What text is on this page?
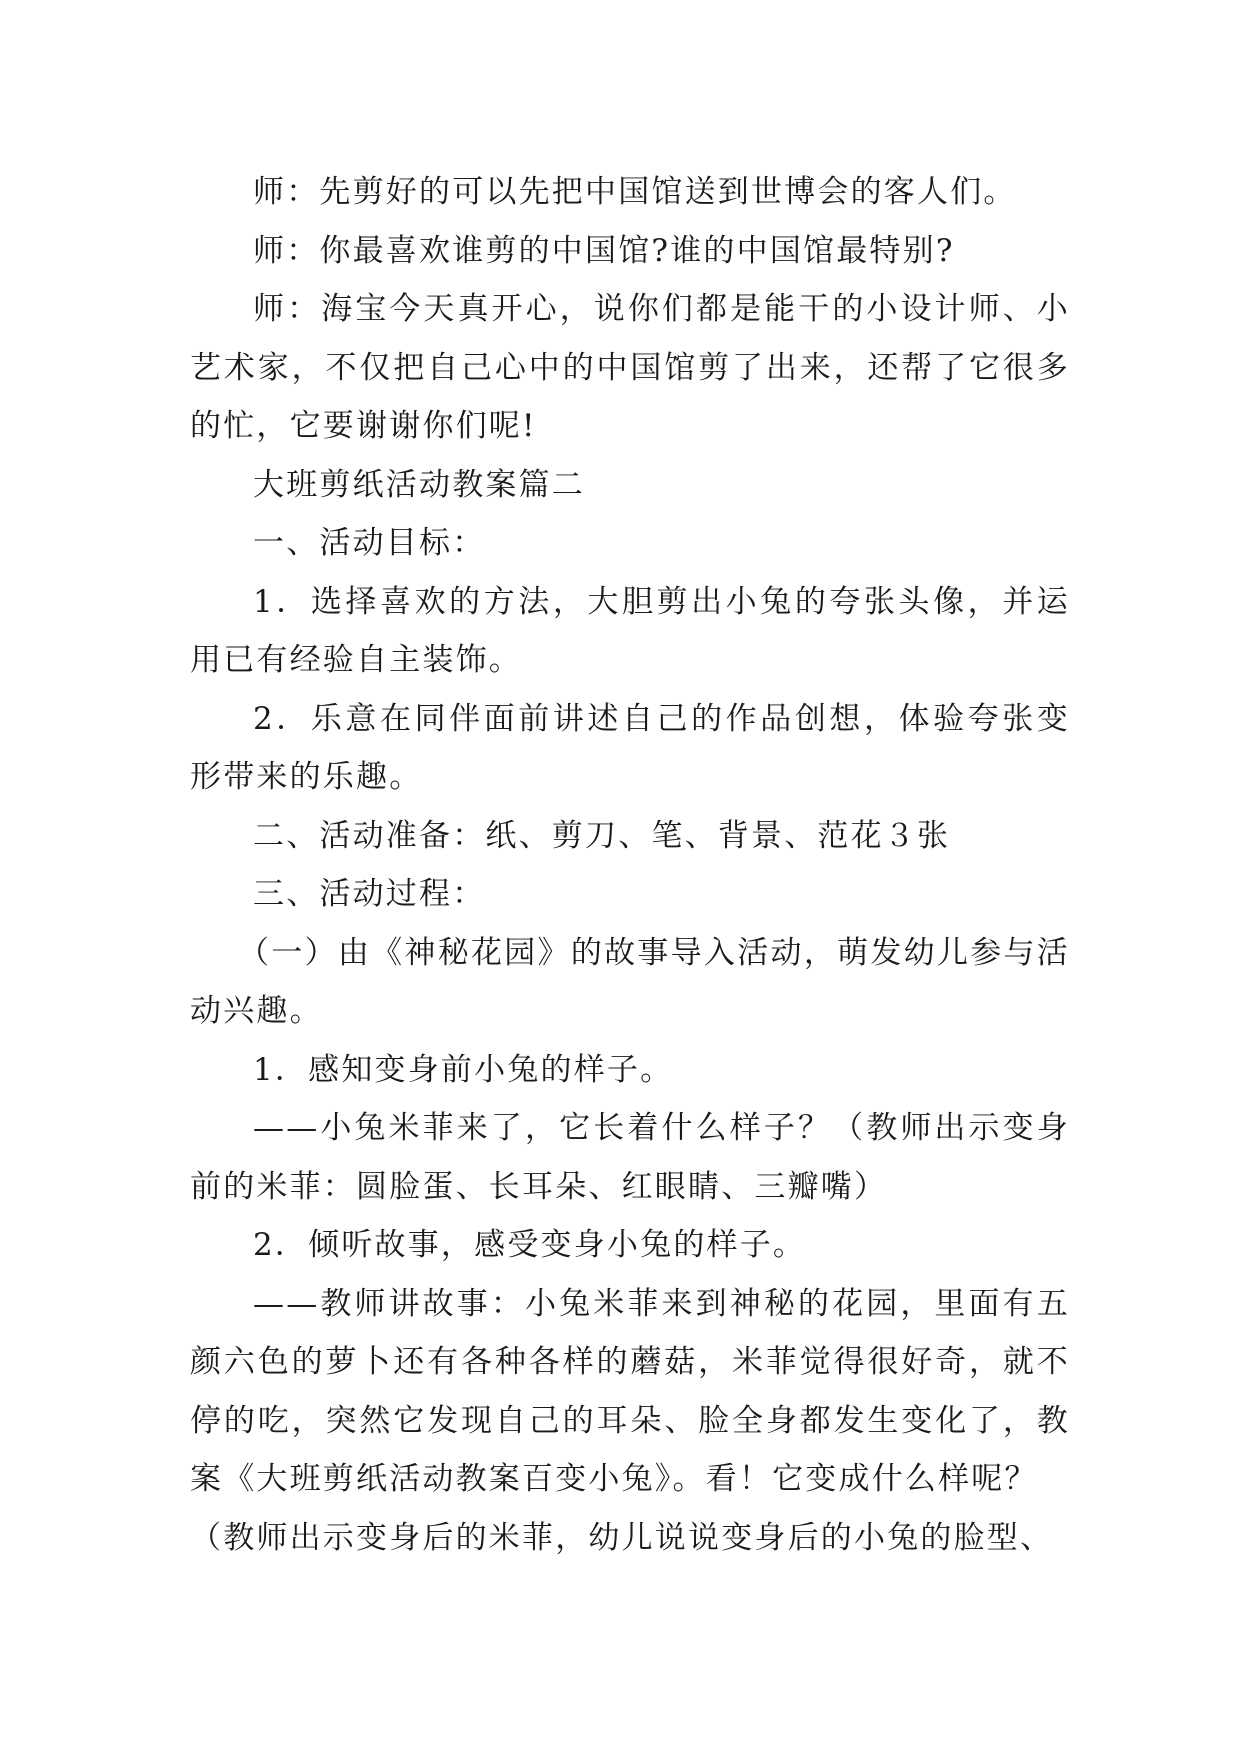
师：先剪好的可以先把中国馆送到世博会的客人们。

师：你最喜欢谁剪的中国馆?谁的中国馆最特别?

师：海宝今天真开心，说你们都是能干的小设计师、小艺术家，不仅把自己心中的中国馆剪了出来，还帮了它很多的忙，它要谢谢你们呢!

大班剪纸活动教案篇二

一、活动目标：

1．选择喜欢的方法，大胆剪出小兔的夸张头像，并运用已有经验自主装饰。

2．乐意在同伴面前讲述自己的作品创想，体验夸张变形带来的乐趣。

二、活动准备：纸、剪刀、笔、背景、范花３张

三、活动过程：

（一）由《神秘花园》的故事导入活动，萌发幼儿参与活动兴趣。

1．感知变身前小兔的样子。

——小兔米菲来了，它长着什么样子？（教师出示变身前的米菲：圆脸蛋、长耳朵、红眼睛、三瓣嘴）

2．倾听故事，感受变身小兔的样子。

——教师讲故事：小兔米菲来到神秘的花园，里面有五颜六色的萝卜还有各种各样的蘑菇，米菲觉得很好奇，就不停的吃，突然它发现自己的耳朵、脸全身都发生变化了，教案《大班剪纸活动教案百变小兔》。看！它变成什么样呢？

（教师出示变身后的米菲，幼儿说说变身后的小兔的脸型、
